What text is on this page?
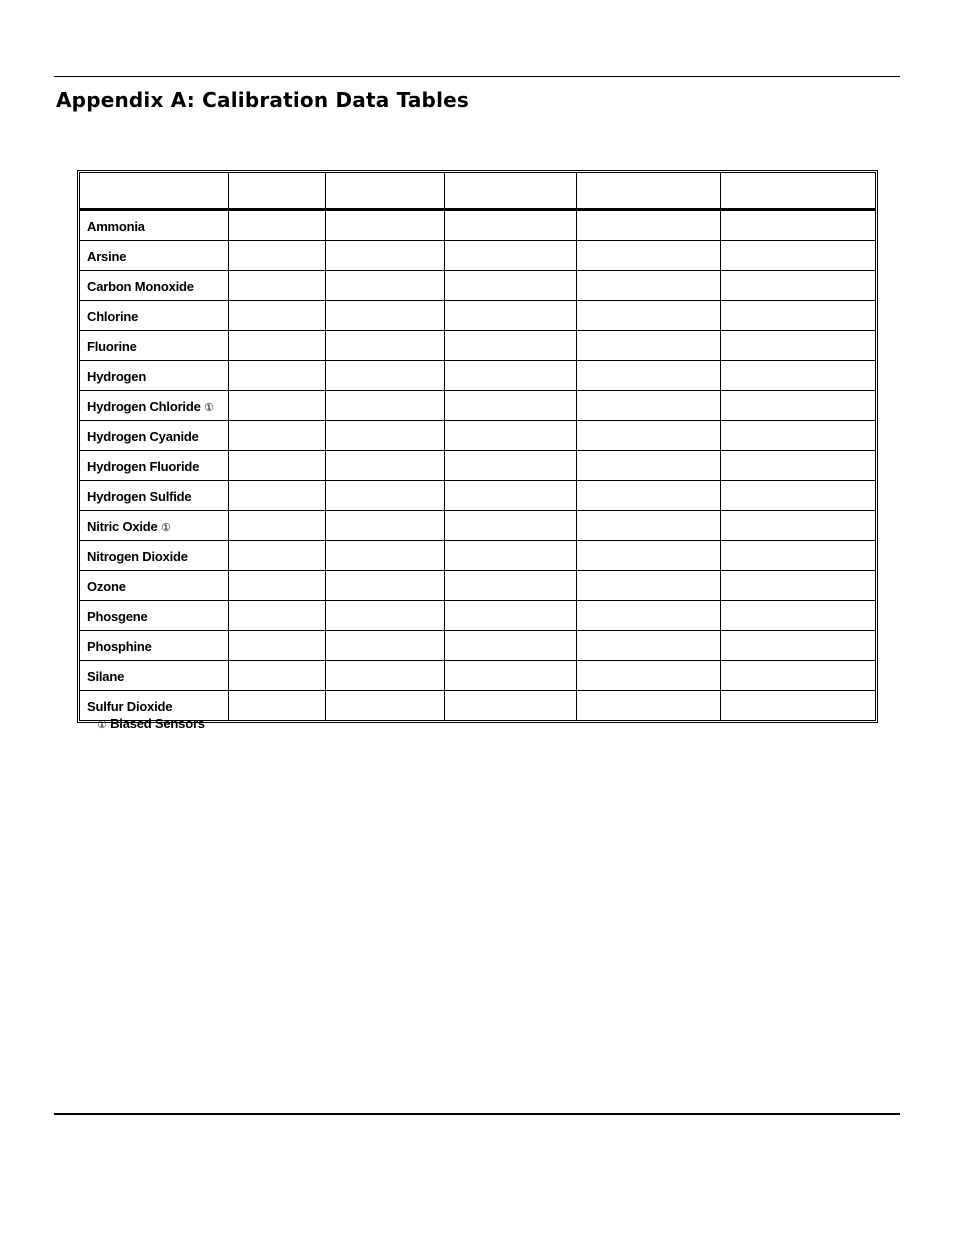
Appendix A: Calibration Data Tables

Ammonia					
Arsine					
Carbon Monoxide					
Chlorine					
Fluorine					
Hydrogen					
Hydrogen Chloride ①					
Hydrogen Cyanide					
Hydrogen Fluoride					
Hydrogen Sulfide					
Nitric Oxide ①					
Nitrogen Dioxide					
Ozone					
Phosgene					
Phosphine					
Silane					
Sulfur Dioxide					
① Biased Sensors
